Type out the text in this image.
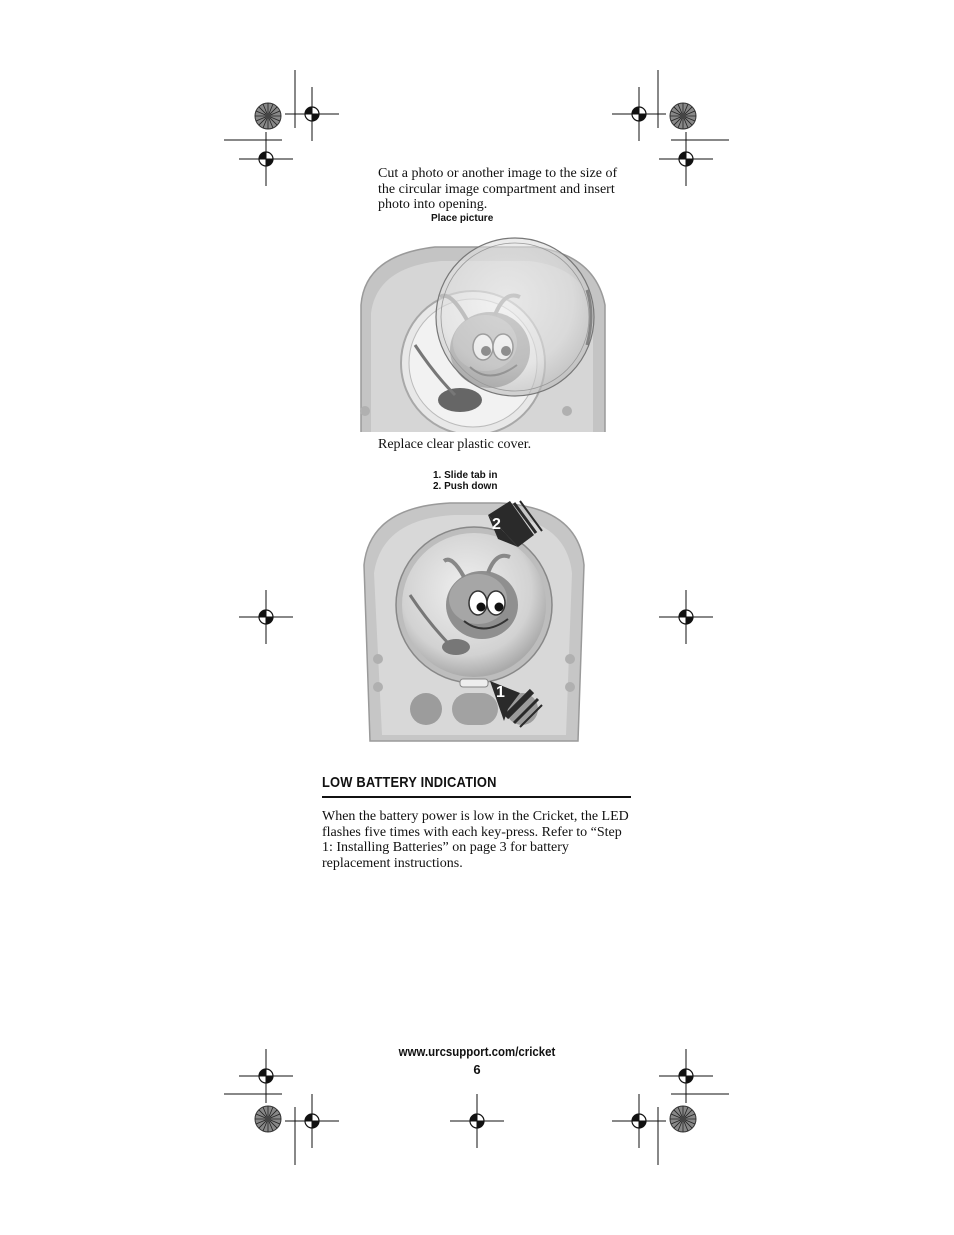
Cut a photo or another image to the size of the circular image compartment and insert photo into opening.
Place picture
Replace clear plastic cover.
1. Slide tab in
2. Push down
2
1
LOW BATTERY INDICATION
When the battery power is low in the Cricket, the LED flashes five times with each key-press. Refer to “Step 1: Installing Batteries” on page 3 for battery replacement instructions.
www.urcsupport.com/cricket
6
